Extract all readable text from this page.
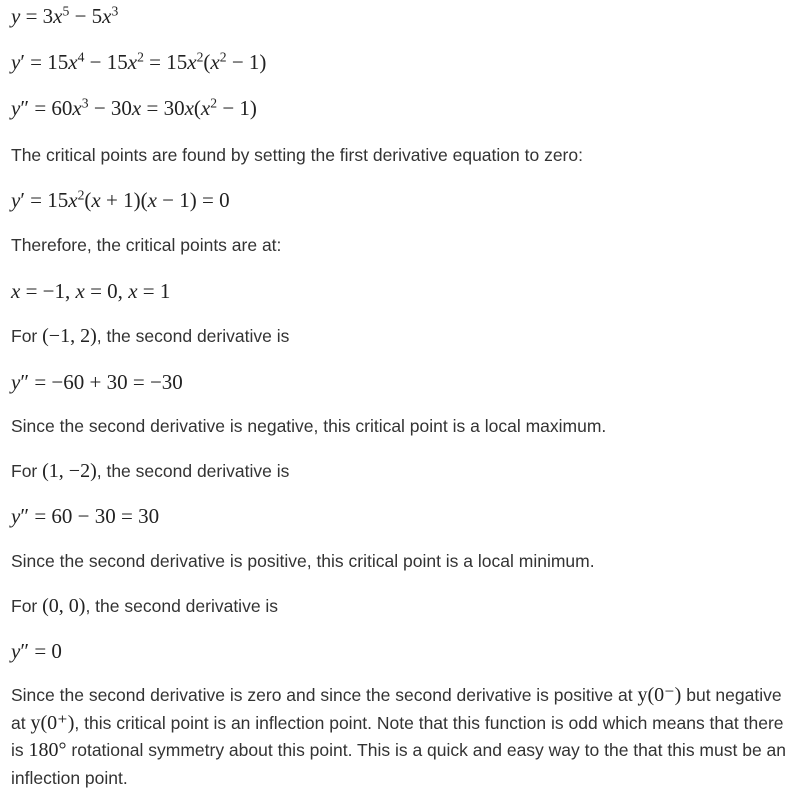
$y = 3x^5 - 5x^3$
$y' = 15x^4 - 15x^2 = 15x^2(x^2 - 1)$
$y'' = 60x^3 - 30x = 30x(x^2 - 1)$
The critical points are found by setting the first derivative equation to zero:
$y' = 15x^2(x + 1)(x - 1) = 0$
Therefore, the critical points are at:
x = −1, x = 0, x = 1
For (−1, 2), the second derivative is
y″ = −60 + 30 = −30
Since the second derivative is negative, this critical point is a local maximum.
For (1, −2), the second derivative is
y″ = 60 − 30 = 30
Since the second derivative is positive, this critical point is a local minimum.
For (0, 0), the second derivative is
y″ = 0
Since the second derivative is zero and since the second derivative is positive at y(0⁻) but negative at y(0⁺), this critical point is an inflection point. Note that this function is odd which means that there is 180° rotational symmetry about this point. This is a quick and easy way to the that this must be an inflection point.
